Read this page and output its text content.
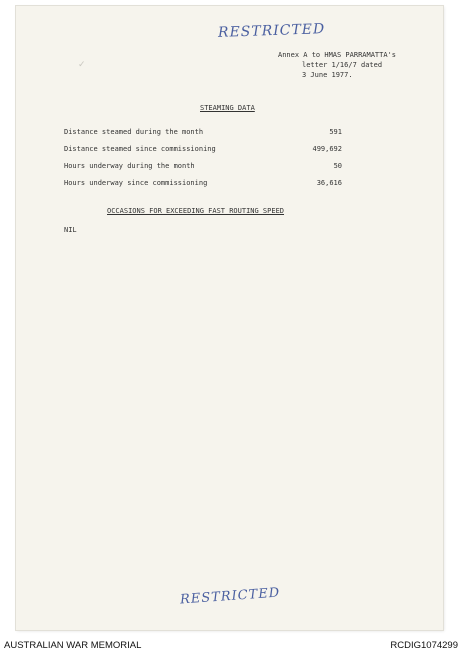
✓
RESTRICTED
Annex A to HMAS PARRAMATTA's
letter 1/16/7 dated
3 June 1977.
STEAMING DATA
Distance steamed during the month	591
Distance steamed since commissioning	499,692
Hours underway during the month	50
Hours underway since commissioning	36,616
OCCASIONS FOR EXCEEDING FAST ROUTING SPEED
NIL
RESTRICTED
AUSTRALIAN WAR MEMORIAL	RCDIG1074299
